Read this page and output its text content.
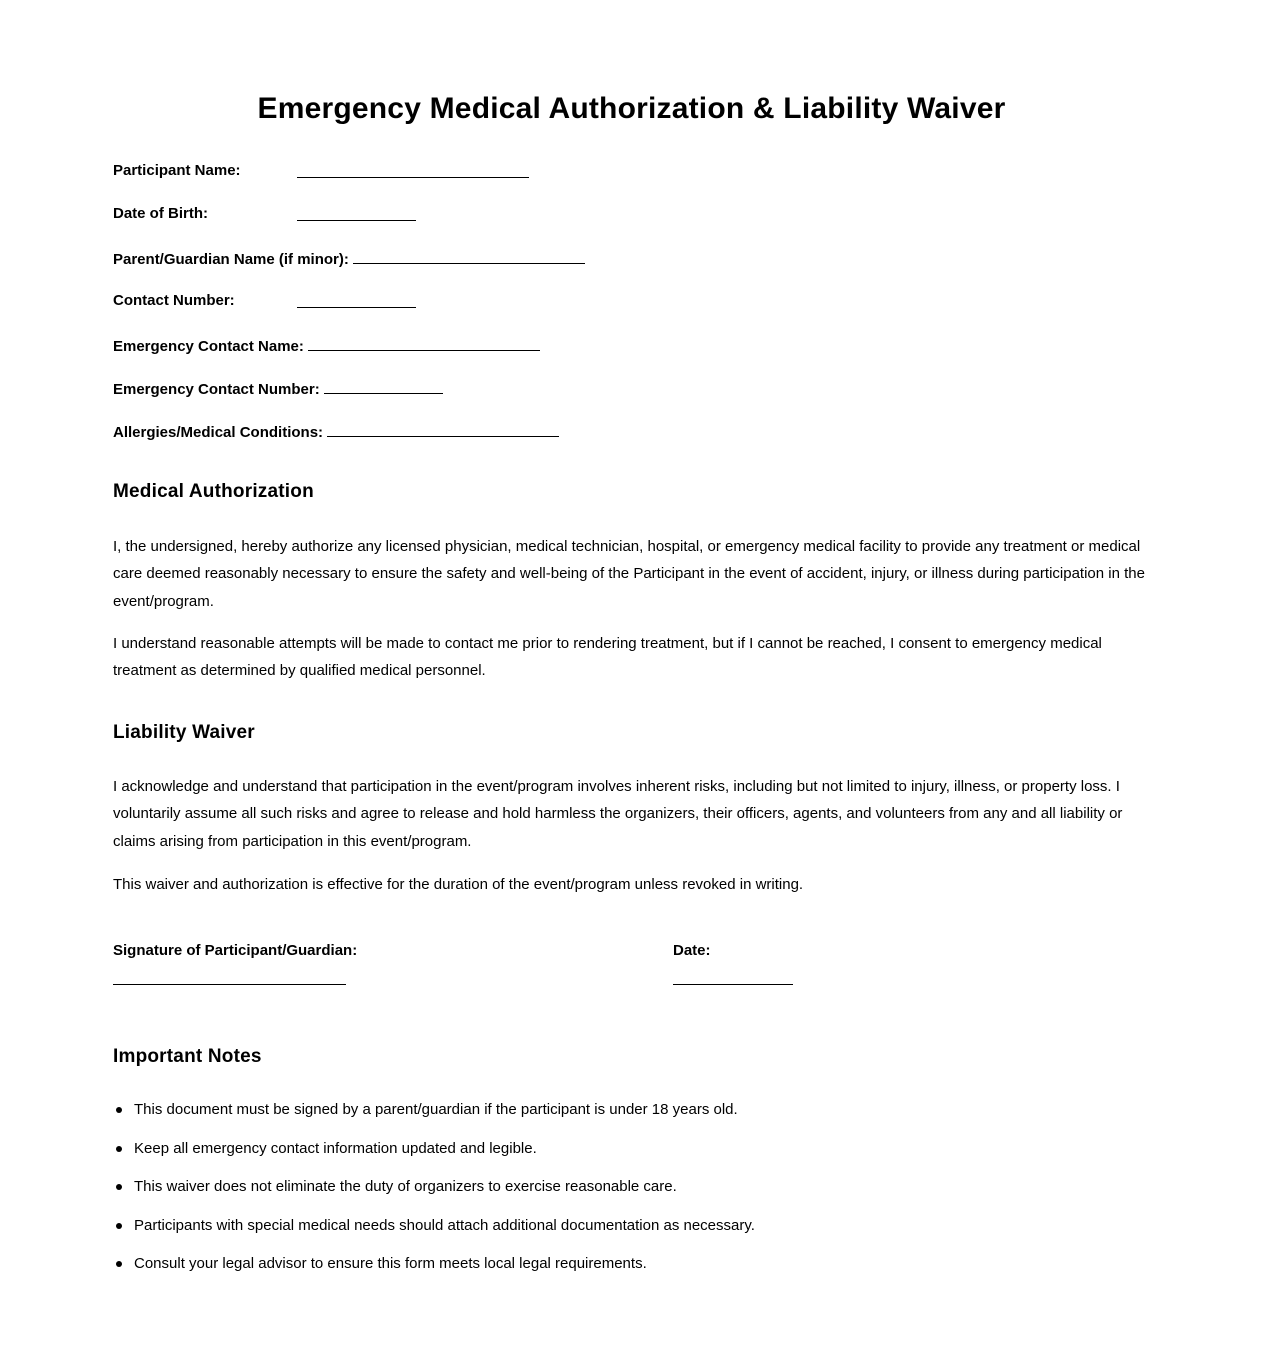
Emergency Medical Authorization & Liability Waiver
Participant Name:
Date of Birth:
Parent/Guardian Name (if minor):
Contact Number:
Emergency Contact Name:
Emergency Contact Number:
Allergies/Medical Conditions:
Medical Authorization

I, the undersigned, hereby authorize any licensed physician, medical technician, hospital, or emergency medical facility to provide any treatment or medical care deemed reasonably necessary to ensure the safety and well-being of the Participant in the event of accident, injury, or illness during participation in the event/program.

I understand reasonable attempts will be made to contact me prior to rendering treatment, but if I cannot be reached, I consent to emergency medical treatment as determined by qualified medical personnel.

Liability Waiver

I acknowledge and understand that participation in the event/program involves inherent risks, including but not limited to injury, illness, or property loss. I voluntarily assume all such risks and agree to release and hold harmless the organizers, their officers, agents, and volunteers from any and all liability or claims arising from participation in this event/program.

This waiver and authorization is effective for the duration of the event/program unless revoked in writing.

Signature of Participant/Guardian:	Date:
Important Notes
This document must be signed by a parent/guardian if the participant is under 18 years old.
Keep all emergency contact information updated and legible.
This waiver does not eliminate the duty of organizers to exercise reasonable care.
Participants with special medical needs should attach additional documentation as necessary.
Consult your legal advisor to ensure this form meets local legal requirements.
